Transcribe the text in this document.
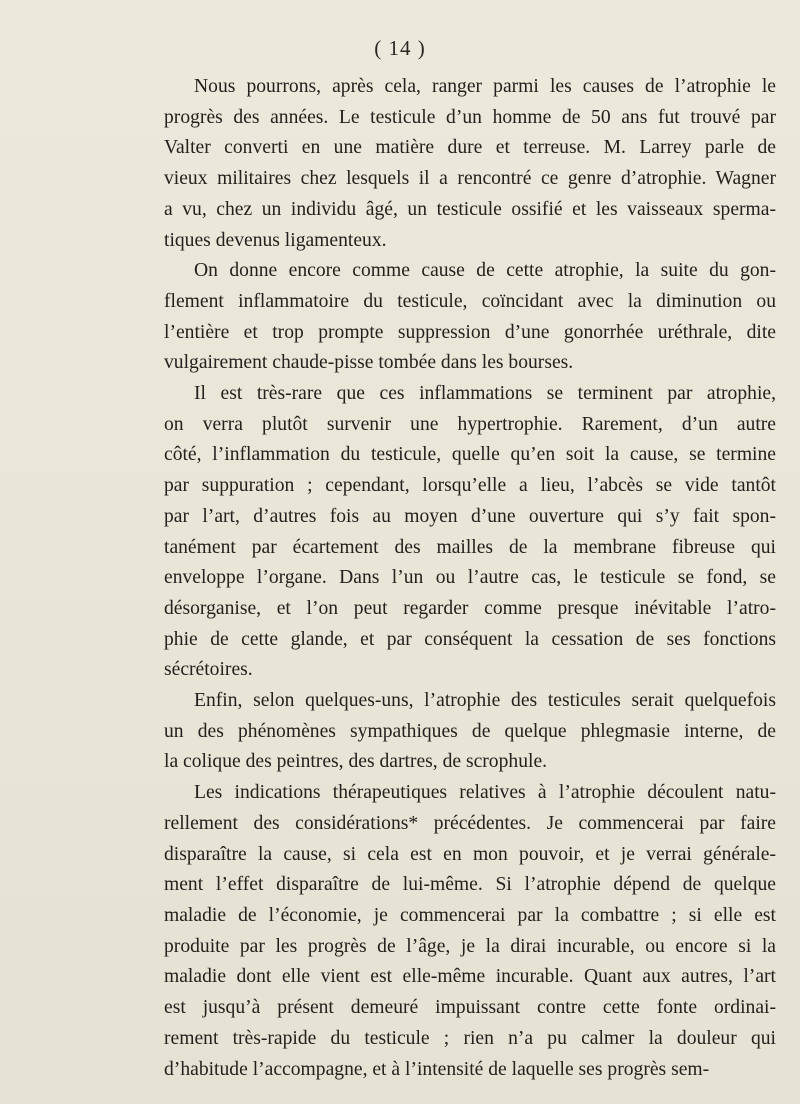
( 14 )

Nous pourrons, après cela, ranger parmi les causes de l’atrophie le
progrès des années. Le testicule d’un homme de 50 ans fut trouvé par
Valter converti en une matière dure et terreuse. M. Larrey parle de
vieux militaires chez lesquels il a rencontré ce genre d’atrophie. Wagner
a vu, chez un individu âgé, un testicule ossifié et les vaisseaux sperma-
tiques devenus ligamenteux.

On donne encore comme cause de cette atrophie, la suite du gon-
flement inflammatoire du testicule, coïncidant avec la diminution ou
l’entière et trop prompte suppression d’une gonorrhée uréthrale, dite
vulgairement chaude-pisse tombée dans les bourses.

Il est très-rare que ces inflammations se terminent par atrophie,
on verra plutôt survenir une hypertrophie. Rarement, d’un autre
côté, l’inflammation du testicule, quelle qu’en soit la cause, se termine
par suppuration ; cependant, lorsqu’elle a lieu, l’abcès se vide tantôt
par l’art, d’autres fois au moyen d’une ouverture qui s’y fait spon-
tanément par écartement des mailles de la membrane fibreuse qui
enveloppe l’organe. Dans l’un ou l’autre cas, le testicule se fond, se
désorganise, et l’on peut regarder comme presque inévitable l’atro-
phie de cette glande, et par conséquent la cessation de ses fonctions
sécrétoires.

Enfin, selon quelques-uns, l’atrophie des testicules serait quelquefois
un des phénomènes sympathiques de quelque phlegmasie interne, de
la colique des peintres, des dartres, de scrophule.

Les indications thérapeutiques relatives à l’atrophie découlent natu-
rellement des considérations* précédentes. Je commencerai par faire
disparaître la cause, si cela est en mon pouvoir, et je verrai générale-
ment l’effet disparaître de lui-même. Si l’atrophie dépend de quelque
maladie de l’économie, je commencerai par la combattre ; si elle est
produite par les progrès de l’âge, je la dirai incurable, ou encore si la
maladie dont elle vient est elle-même incurable. Quant aux autres, l’art
est jusqu’à présent demeuré impuissant contre cette fonte ordinai-
rement très-rapide du testicule ; rien n’a pu calmer la douleur qui
d’habitude l’accompagne, et à l’intensité de laquelle ses progrès sem-
